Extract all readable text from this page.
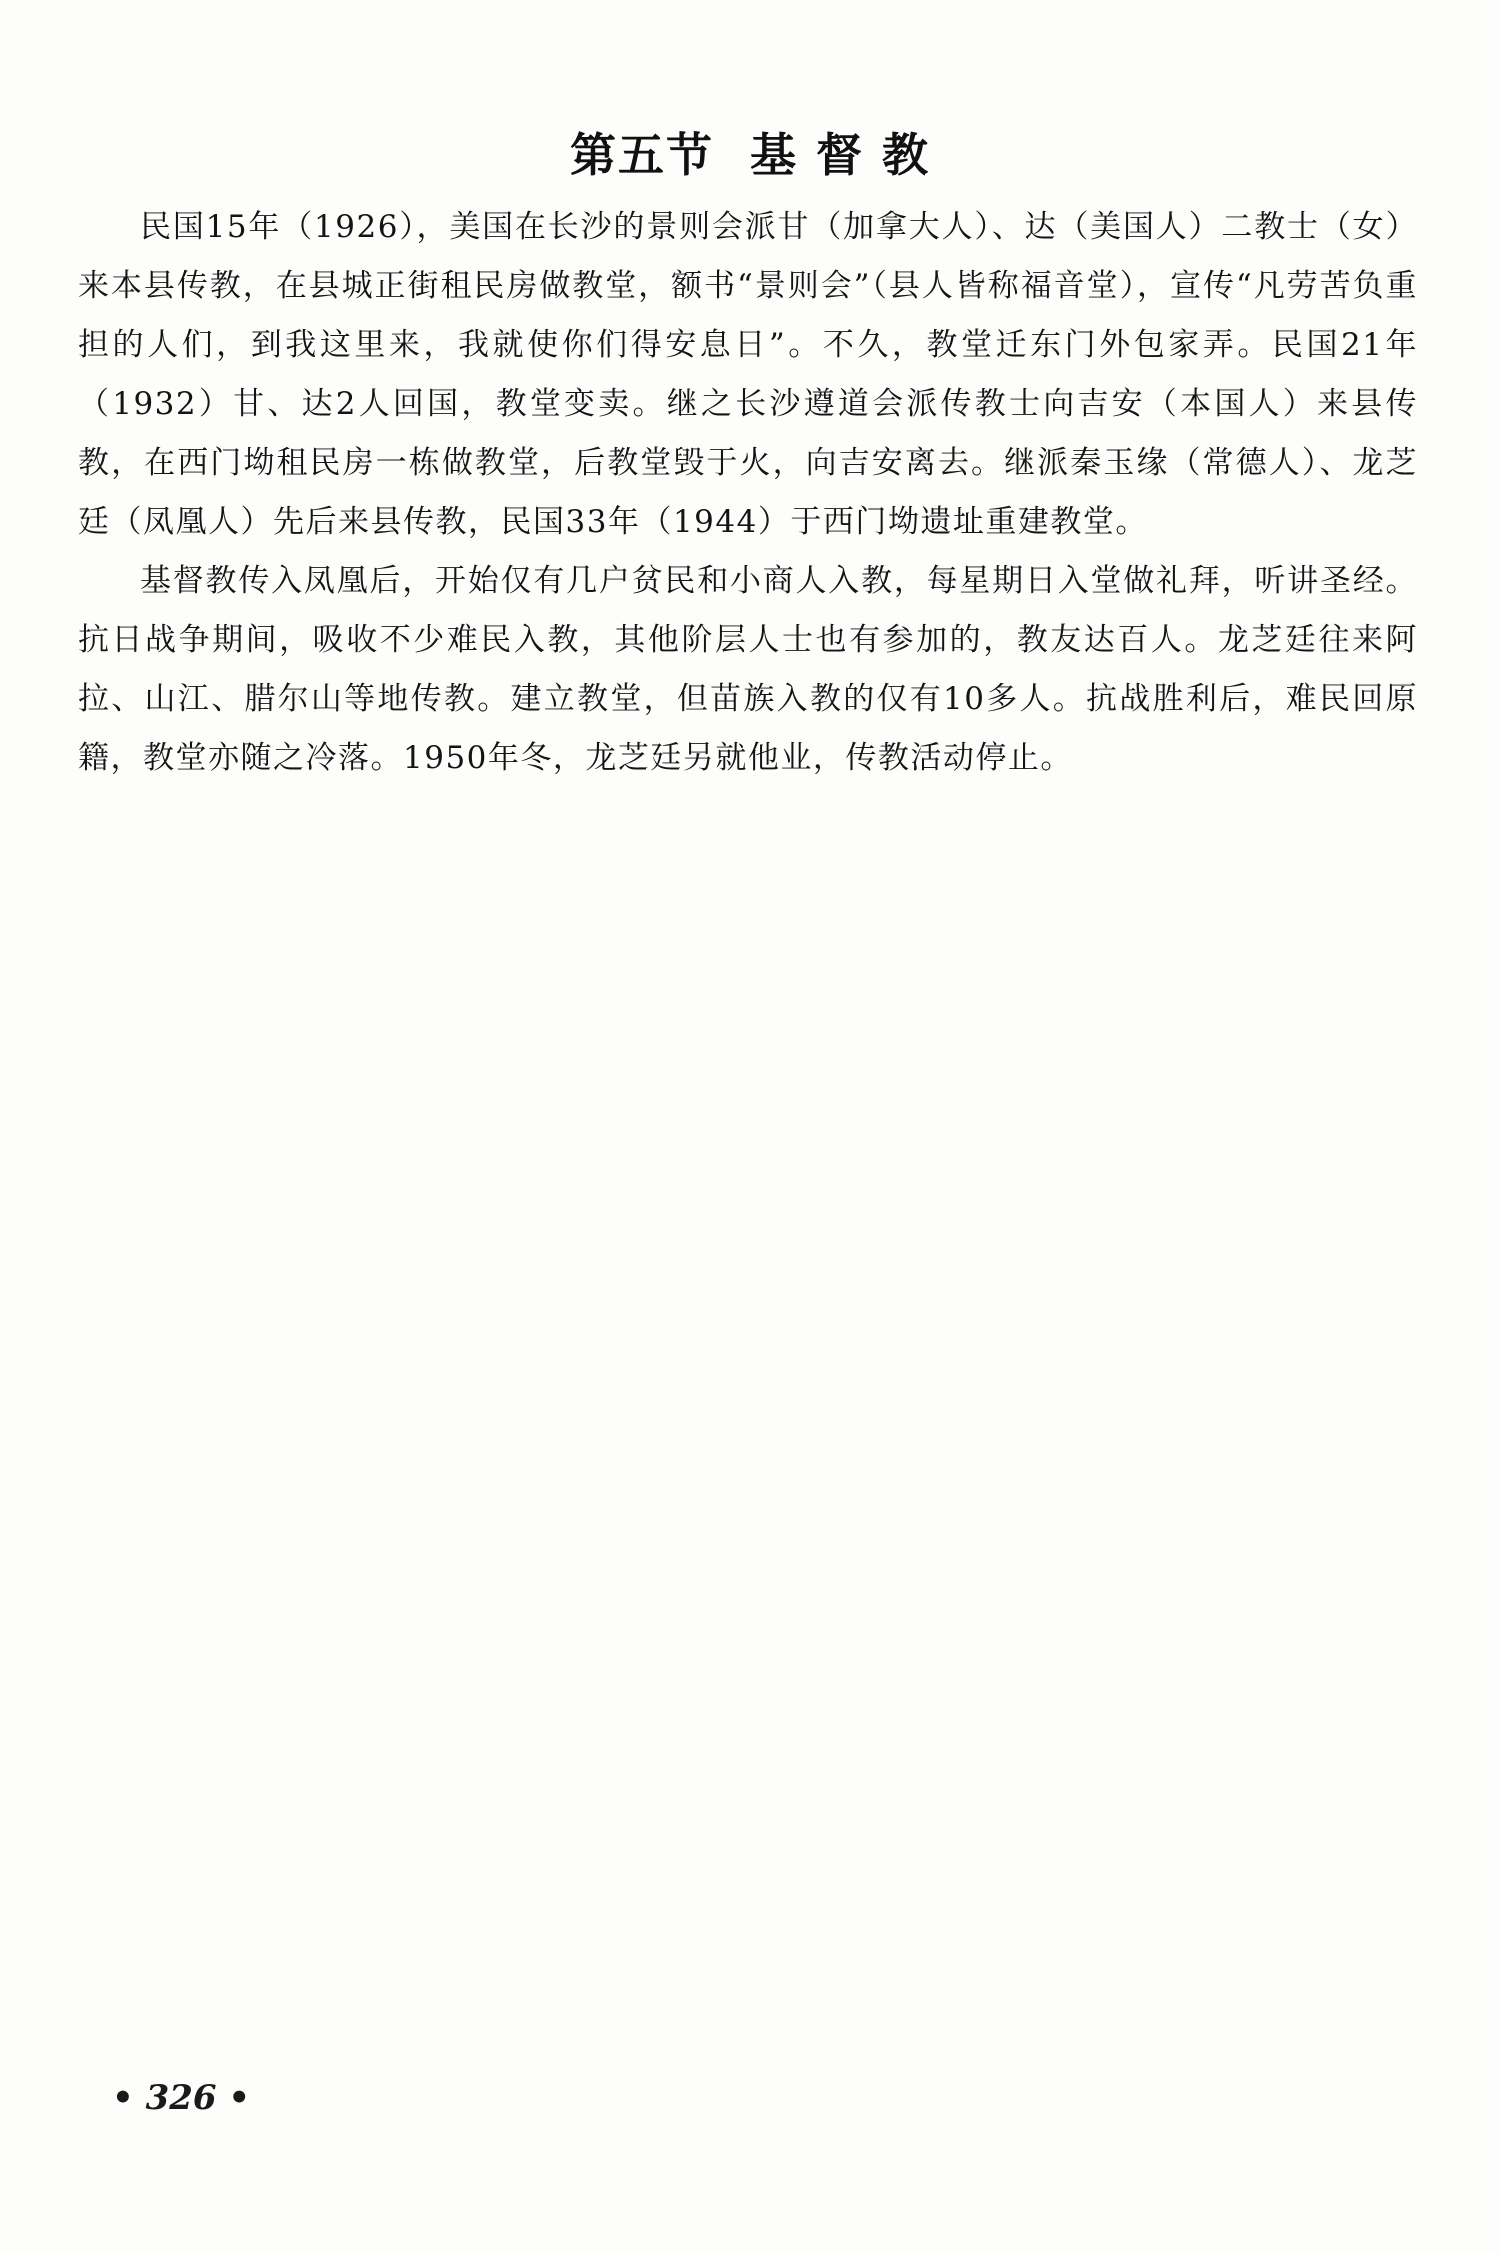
第五节  基 督 教

民国15年（1926），美国在长沙的景则会派甘（加拿大人）、达（美国人）二教士（女）来本县传教，在县城正街租民房做教堂，额书“景则会”（县人皆称福音堂），宣传“凡劳苦负重担的人们，到我这里来，我就使你们得安息日”。不久，教堂迁东门外包家弄。民国21年（1932）甘、达2人回国，教堂变卖。继之长沙遵道会派传教士向吉安（本国人）来县传教，在西门坳租民房一栋做教堂，后教堂毁于火，向吉安离去。继派秦玉缘（常德人）、龙芝廷（凤凰人）先后来县传教，民国33年（1944）于西门坳遗址重建教堂。

基督教传入凤凰后，开始仅有几户贫民和小商人入教，每星期日入堂做礼拜，听讲圣经。抗日战争期间，吸收不少难民入教，其他阶层人士也有参加的，教友达百人。龙芝廷往来阿拉、山江、腊尔山等地传教。建立教堂，但苗族入教的仅有10多人。抗战胜利后，难民回原籍，教堂亦随之冷落。1950年冬，龙芝廷另就他业，传教活动停止。

• 326 •
